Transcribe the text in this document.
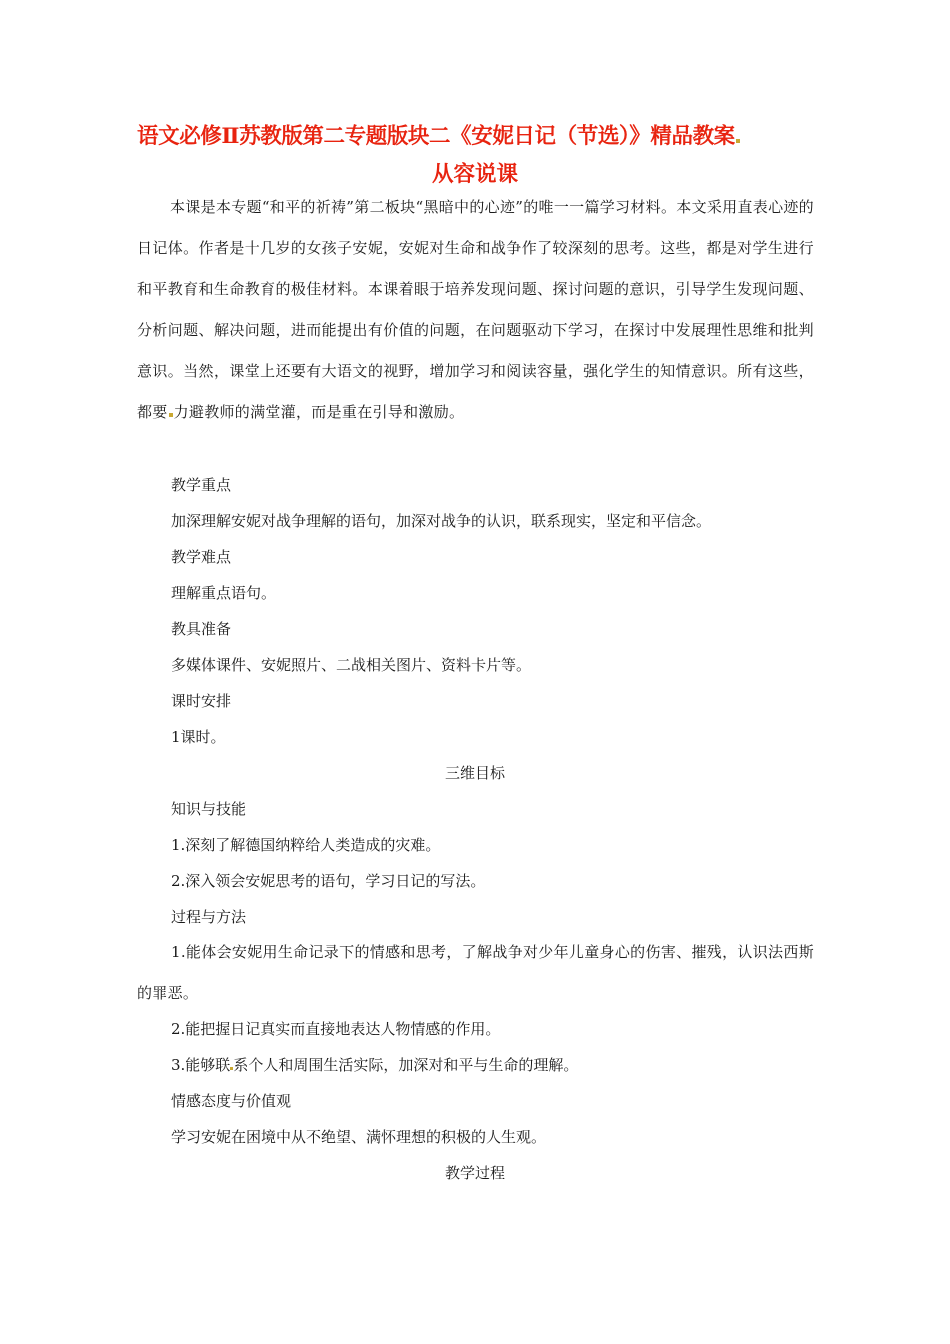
语文必修Ⅱ苏教版第二专题版块二《安妮日记（节选）》精品教案
从容说课

本课是本专题“和平的祈祷”第二板块“黑暗中的心迹”的唯一一篇学习材料。本文采用直表心迹的日记体。作者是十几岁的女孩子安妮，安妮对生命和战争作了较深刻的思考。这些，都是对学生进行和平教育和生命教育的极佳材料。本课着眼于培养发现问题、探讨问题的意识，引导学生发现问题、分析问题、解决问题，进而能提出有价值的问题，在问题驱动下学习，在探讨中发展理性思维和批判意识。当然，课堂上还要有大语文的视野，增加学习和阅读容量，强化学生的知情意识。所有这些，都要 力避教师的满堂灌，而是重在引导和激励。

教学重点

加深理解安妮对战争理解的语句，加深对战争的认识，联系现实，坚定和平信念。

教学难点

理解重点语句。

教具准备

多媒体课件、安妮照片、二战相关图片、资料卡片等。

课时安排

1课时。

三维目标

知识与技能

1.深刻了解德国纳粹给人类造成的灾难。

2.深入领会安妮思考的语句，学习日记的写法。

过程与方法

1.能体会安妮用生命记录下的情感和思考，了解战争对少年儿童身心的伤害、摧残，认识法西斯的罪恶。

2.能把握日记真实而直接地表达人物情感的作用。

3.能够联 系个人和周围生活实际，加深对和平与生命的理解。

情感态度与价值观

学习安妮在困境中从不绝望、满怀理想的积极的人生观。

教学过程
